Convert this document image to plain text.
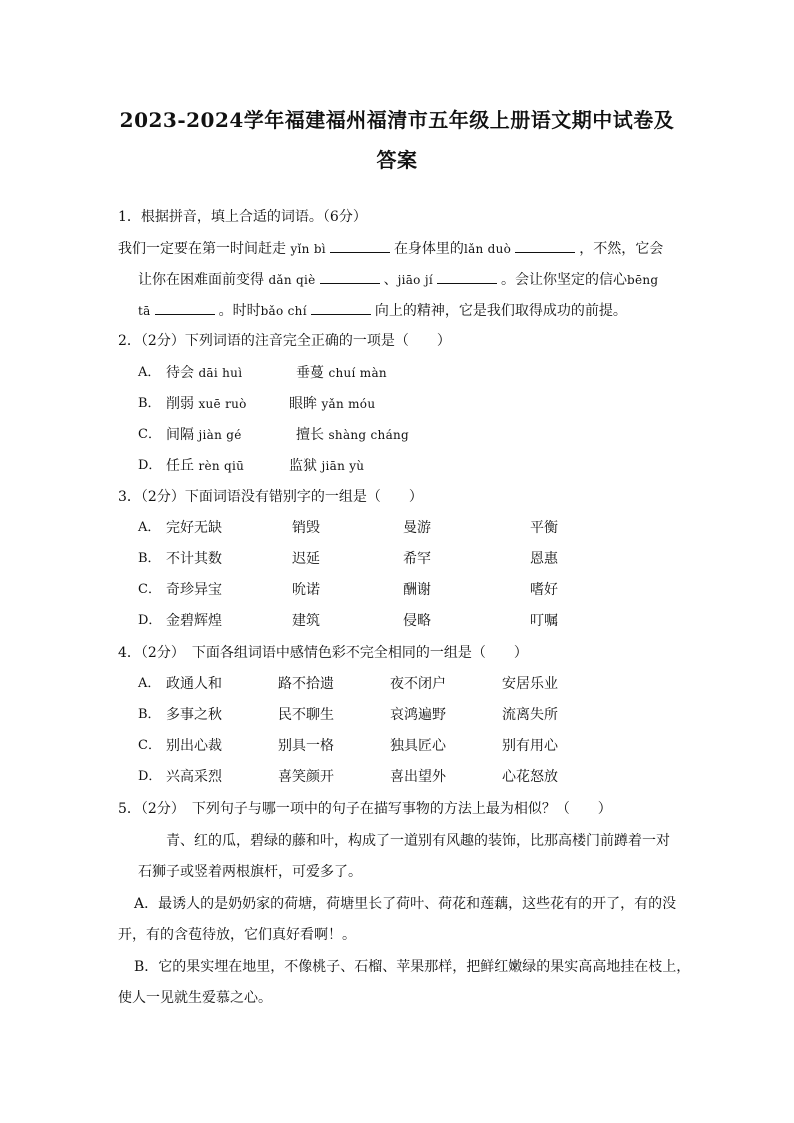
2023-2024学年福建福州福清市五年级上册语文期中试卷及
答案
1．根据拼音，填上合适的词语。（6分）
我们一定要在第一时间赶走 yǐn bì	在身体里的lǎn duò	，不然，它会
让你在困难面前变得 dǎn qiè	、jiāo jí	。会让你坚定的信心bēng
tā	。时时bǎo chí	向上的精神，它是我们取得成功的前提。
2．（2分）下列词语的注音完全正确的一项是（　　）
A． 待会 dāi huì	垂蔓 chuí màn
B． 削弱 xuē ruò	眼眸 yǎn móu
C． 间隔 jiàn gé	擅长 shàng cháng
D． 任丘 rèn qiū	监狱 jiān yù
3．（2分）下面词语没有错别字的一组是（　　）
A． 完好无缺	销毁	曼游	平衡
B． 不计其数	迟延	希罕	恩惠
C． 奇珍异宝	吮诺	酬谢	嗜好
D． 金碧辉煌	建筑	侵略	叮嘱
4．（2分）　下面各组词语中感情色彩不完全相同的一组是（　　）
A． 政通人和	路不拾遗	夜不闭户	安居乐业
B． 多事之秋	民不聊生	哀鸿遍野	流离失所
C． 别出心裁	别具一格	独具匠心	别有用心
D． 兴高采烈	喜笑颜开	喜出望外	心花怒放
5．（2分）　下列句子与哪一项中的句子在描写事物的方法上最为相似？（　　）
青、红的瓜，碧绿的藤和叶，构成了一道别有风趣的装饰，比那高楼门前蹲着一对
石狮子或竖着两根旗杆，可爱多了。
A．最诱人的是奶奶家的荷塘，荷塘里长了荷叶、荷花和莲藕，这些花有的开了，有的没
开，有的含苞待放，它们真好看啊！。
B．它的果实埋在地里，不像桃子、石榴、苹果那样，把鲜红嫩绿的果实高高地挂在枝上，
使人一见就生爱慕之心。
